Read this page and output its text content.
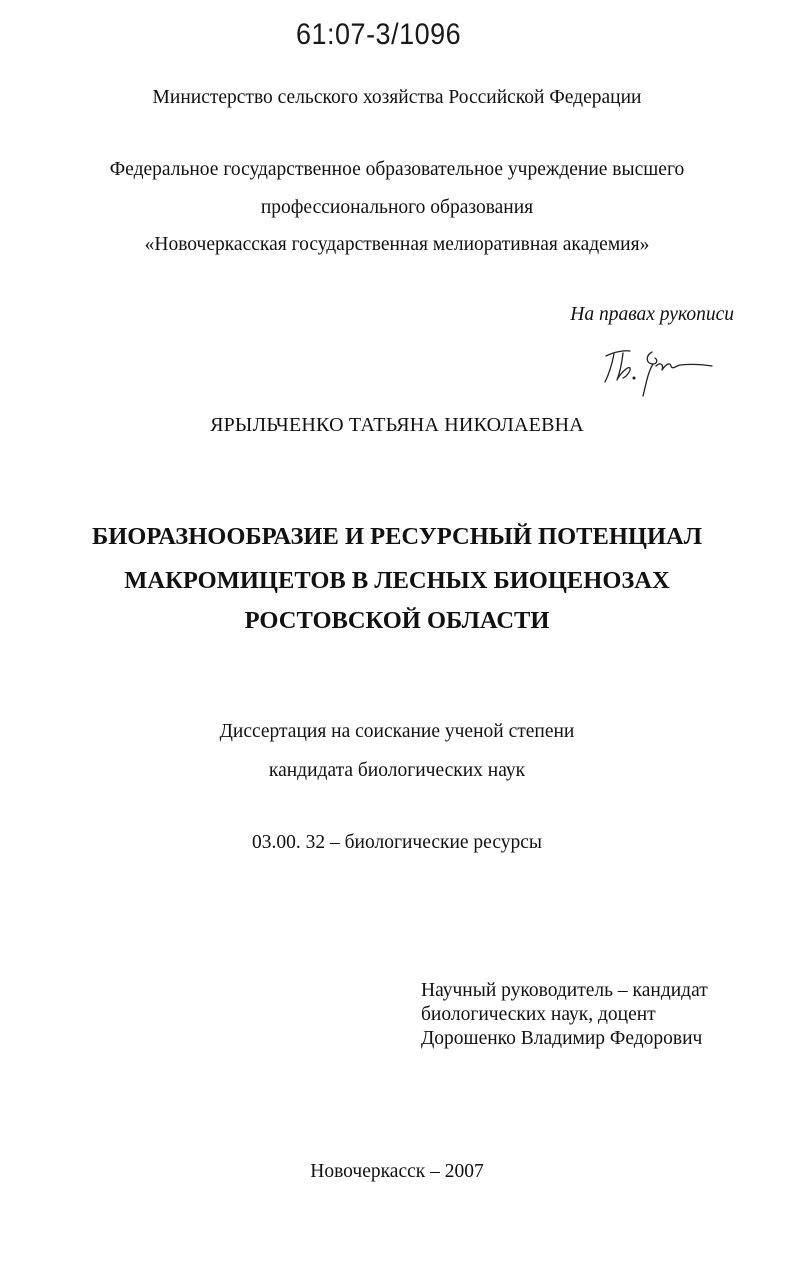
61:07-3/1096
Министерство сельского хозяйства Российской Федерации
Федеральное государственное образовательное учреждение высшего
профессионального образования
«Новочеркасская государственная мелиоративная академия»
На правах рукописи
ЯРЫЛЬЧЕНКО ТАТЬЯНА НИКОЛАЕВНА
БИОРАЗНООБРАЗИЕ И РЕСУРСНЫЙ ПОТЕНЦИАЛ
МАКРОМИЦЕТОВ В ЛЕСНЫХ БИОЦЕНОЗАХ
РОСТОВСКОЙ ОБЛАСТИ
Диссертация на соискание ученой степени
кандидата биологических наук
03.00. 32 – биологические ресурсы
Научный руководитель – кандидат
биологических наук, доцент
Дорошенко Владимир Федорович
Новочеркасск – 2007
